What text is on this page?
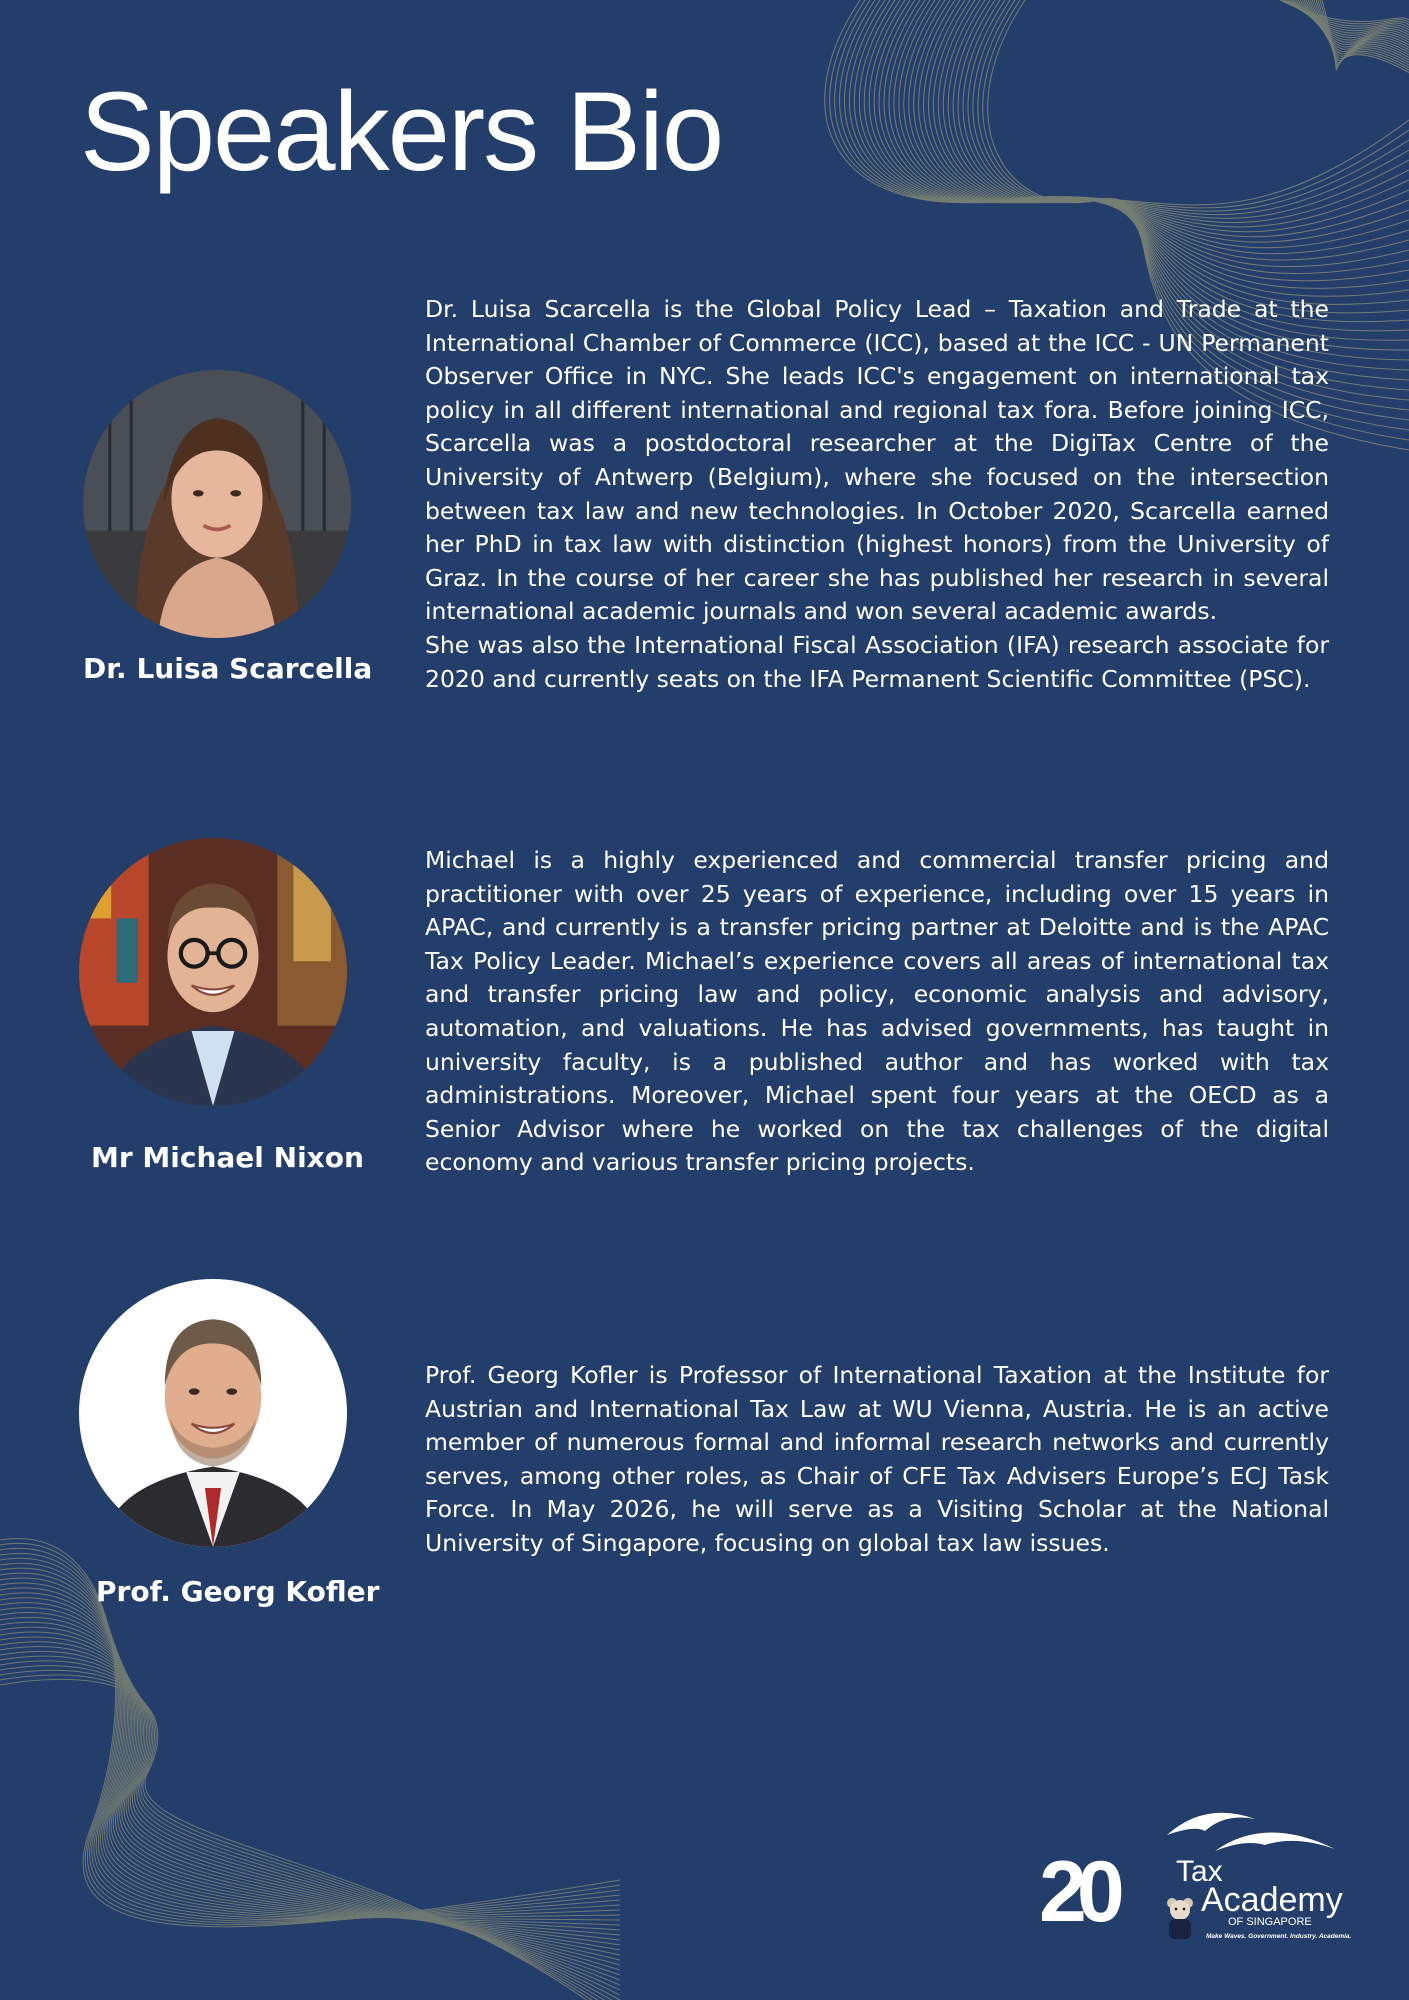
Speakers Bio
Dr. Luisa Scarcella

Dr. Luisa Scarcella is the Global Policy Lead – Taxation and Trade at the International Chamber of Commerce (ICC), based at the ICC - UN Permanent Observer Office in NYC. She leads ICC's engagement on international tax policy in all different international and regional tax fora. Before joining ICC, Scarcella was a postdoctoral researcher at the DigiTax Centre of the University of Antwerp (Belgium), where she focused on the intersection between tax law and new technologies. In October 2020, Scarcella earned her PhD in tax law with distinction (highest honors) from the University of Graz. In the course of her career she has published her research in several international academic journals and won several academic awards.

She was also the International Fiscal Association (IFA) research associate for 2020 and currently seats on the IFA Permanent Scientific Committee (PSC).

Mr Michael Nixon

Michael is a highly experienced and commercial transfer pricing and practitioner with over 25 years of experience, including over 15 years in APAC, and currently is a transfer pricing partner at Deloitte and is the APAC Tax Policy Leader. Michael’s experience covers all areas of international tax and transfer pricing law and policy, economic analysis and advisory, automation, and valuations. He has advised governments, has taught in university faculty, is a published author and has worked with tax administrations. Moreover, Michael spent four years at the OECD as a Senior Advisor where he worked on the tax challenges of the digital economy and various transfer pricing projects.

Prof. Georg Kofler

Prof. Georg Kofler is Professor of International Taxation at the Institute for Austrian and International Tax Law at WU Vienna, Austria. He is an active member of numerous formal and informal research networks and currently serves, among other roles, as Chair of CFE Tax Advisers Europe’s ECJ Task Force. In May 2026, he will serve as a Visiting Scholar at the National University of Singapore, focusing on global tax law issues.

20 Tax
Academy
OF SINGAPORE
Make Waves. Government. Industry. Academia.
